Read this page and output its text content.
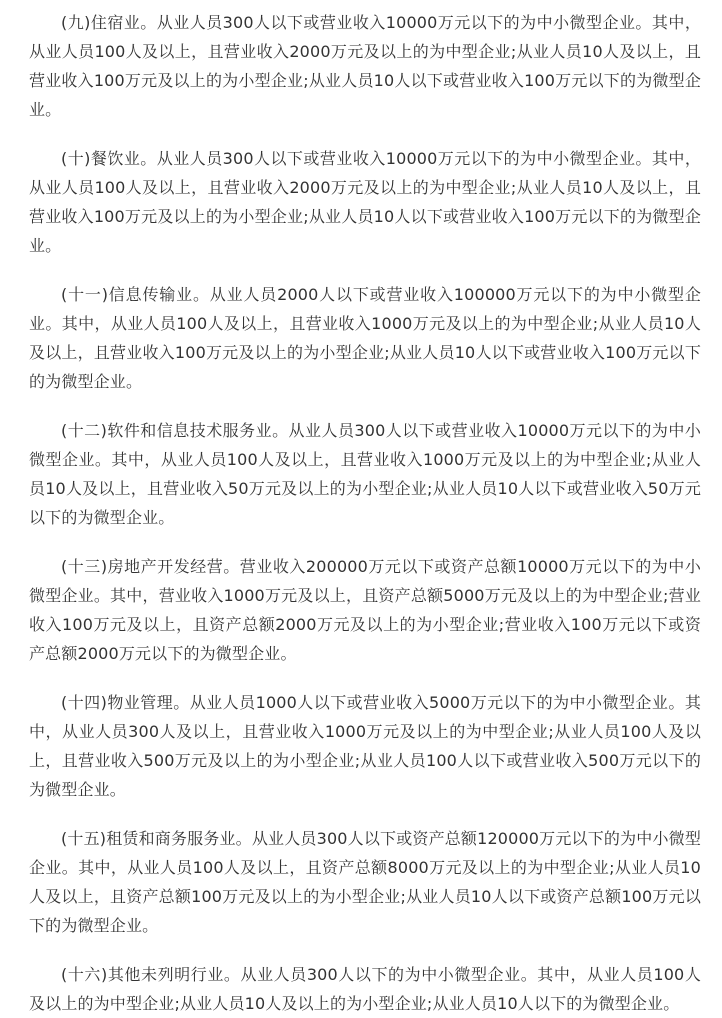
(九)住宿业。从业人员300人以下或营业收入10000万元以下的为中小微型企业。其中，从业人员100人及以上，且营业收入2000万元及以上的为中型企业;从业人员10人及以上，且营业收入100万元及以上的为小型企业;从业人员10人以下或营业收入100万元以下的为微型企业。

(十)餐饮业。从业人员300人以下或营业收入10000万元以下的为中小微型企业。其中，从业人员100人及以上，且营业收入2000万元及以上的为中型企业;从业人员10人及以上，且营业收入100万元及以上的为小型企业;从业人员10人以下或营业收入100万元以下的为微型企业。

(十一)信息传输业。从业人员2000人以下或营业收入100000万元以下的为中小微型企业。其中，从业人员100人及以上，且营业收入1000万元及以上的为中型企业;从业人员10人及以上，且营业收入100万元及以上的为小型企业;从业人员10人以下或营业收入100万元以下的为微型企业。

(十二)软件和信息技术服务业。从业人员300人以下或营业收入10000万元以下的为中小微型企业。其中，从业人员100人及以上，且营业收入1000万元及以上的为中型企业;从业人员10人及以上，且营业收入50万元及以上的为小型企业;从业人员10人以下或营业收入50万元以下的为微型企业。

(十三)房地产开发经营。营业收入200000万元以下或资产总额10000万元以下的为中小微型企业。其中，营业收入1000万元及以上，且资产总额5000万元及以上的为中型企业;营业收入100万元及以上，且资产总额2000万元及以上的为小型企业;营业收入100万元以下或资产总额2000万元以下的为微型企业。

(十四)物业管理。从业人员1000人以下或营业收入5000万元以下的为中小微型企业。其中，从业人员300人及以上，且营业收入1000万元及以上的为中型企业;从业人员100人及以上，且营业收入500万元及以上的为小型企业;从业人员100人以下或营业收入500万元以下的为微型企业。

(十五)租赁和商务服务业。从业人员300人以下或资产总额120000万元以下的为中小微型企业。其中，从业人员100人及以上，且资产总额8000万元及以上的为中型企业;从业人员10人及以上，且资产总额100万元及以上的为小型企业;从业人员10人以下或资产总额100万元以下的为微型企业。

(十六)其他未列明行业。从业人员300人以下的为中小微型企业。其中，从业人员100人及以上的为中型企业;从业人员10人及以上的为小型企业;从业人员10人以下的为微型企业。
